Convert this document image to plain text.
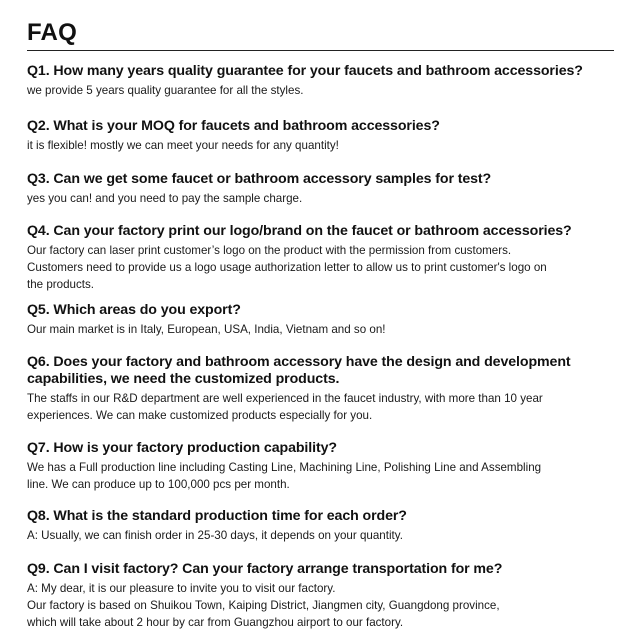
FAQ
Q1. How many years quality guarantee for your faucets and bathroom accessories?
we provide 5 years quality guarantee for all the styles.
Q2. What is your MOQ for faucets and bathroom accessories?
it is flexible! mostly we can meet your needs for any quantity!
Q3. Can we get some faucet or bathroom accessory samples for test?
yes you can! and you need to pay the sample charge.
Q4. Can your factory print our logo/brand on the faucet or bathroom accessories?
Our factory can laser print customer’s logo on the product with the permission from customers.
Customers need to provide us a logo usage authorization letter to allow us to print customer's logo on
the products.
Q5. Which areas do you export?
Our main market is in Italy, European, USA, India, Vietnam and so on!
Q6. Does your factory and bathroom accessory have the design and development
capabilities, we need the customized products.
The staffs in our R&D department are well experienced in the faucet industry, with more than 10 year
experiences. We can make customized products especially for you.
Q7. How is your factory production capability?
We has a Full production line including Casting Line, Machining Line, Polishing Line and Assembling
line. We can produce up to 100,000 pcs per month.
Q8. What is the standard production time for each order?
A: Usually, we can finish order in 25-30 days, it depends on your quantity.
Q9. Can I visit factory? Can your factory arrange transportation for me?
A: My dear, it is our pleasure to invite you to visit our factory.
Our factory is based on Shuikou Town, Kaiping District, Jiangmen city, Guangdong province,
which will take about 2 hour by car from Guangzhou airport to our factory.
